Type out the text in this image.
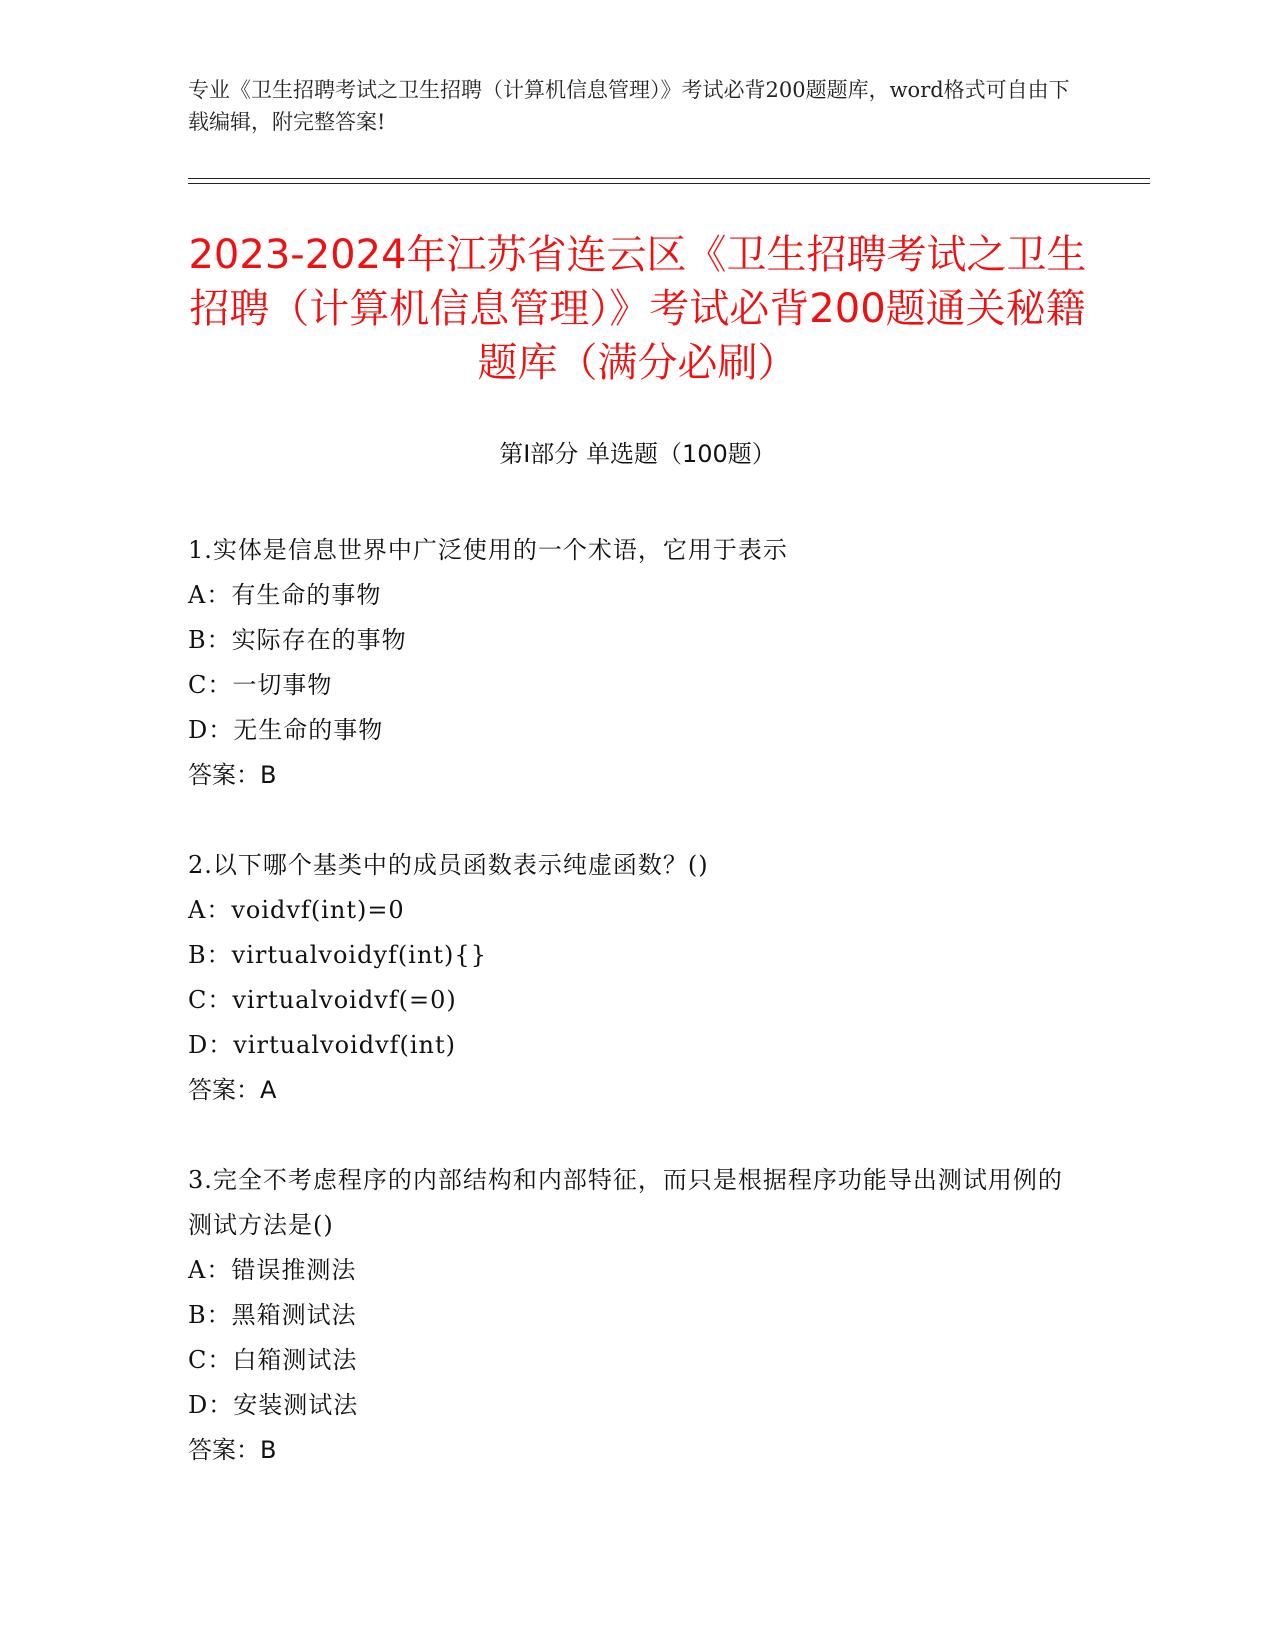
专业《卫生招聘考试之卫生招聘（计算机信息管理）》考试必背200题题库，word格式可自由下载编辑，附完整答案!
2023-2024年江苏省连云区《卫生招聘考试之卫生招聘（计算机信息管理）》考试必背200题通关秘籍题库（满分必刷）
第I部分 单选题（100题）
1.实体是信息世界中广泛使用的一个术语，它用于表示
A：有生命的事物
B：实际存在的事物
C：一切事物
D：无生命的事物
答案：B
2.以下哪个基类中的成员函数表示纯虚函数？()
A：voidvf(int)=0
B：virtualvoidyf(int){}
C：virtualvoidvf(=0)
D：virtualvoidvf(int)
答案：A
3.完全不考虑程序的内部结构和内部特征，而只是根据程序功能导出测试用例的测试方法是()
A：错误推测法
B：黑箱测试法
C：白箱测试法
D：安装测试法
答案：B
